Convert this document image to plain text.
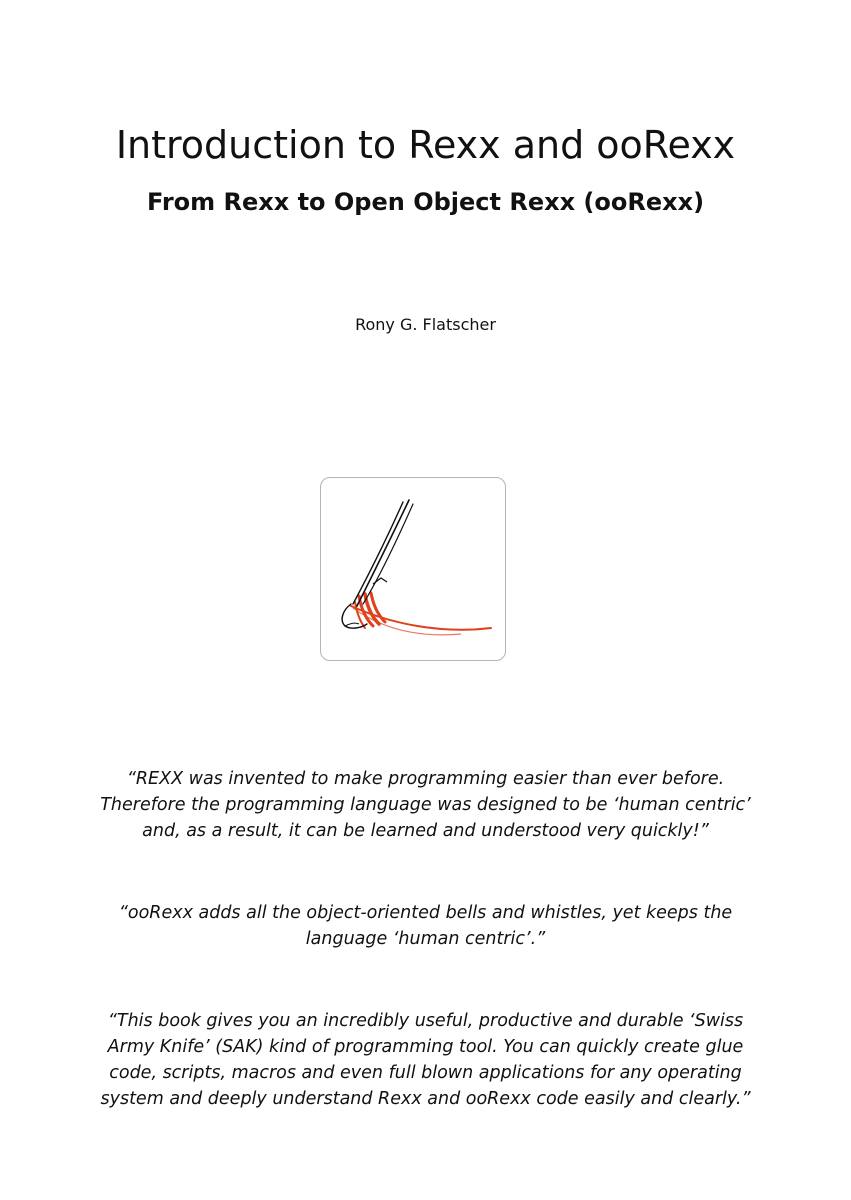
Introduction to Rexx and ooRexx
From Rexx to Open Object Rexx (ooRexx)
Rony G. Flatscher

“REXX was invented to make programming easier than ever before.
Therefore the programming language was designed to be ‘human centric’
and, as a result, it can be learned and understood very quickly!”

“ooRexx adds all the object-oriented bells and whistles, yet keeps the
language ‘human centric’.”

“This book gives you an incredibly useful, productive and durable ‘Swiss
Army Knife’ (SAK) kind of programming tool. You can quickly create glue
code, scripts, macros and even full blown applications for any operating
system and deeply understand Rexx and ooRexx code easily and clearly.”
